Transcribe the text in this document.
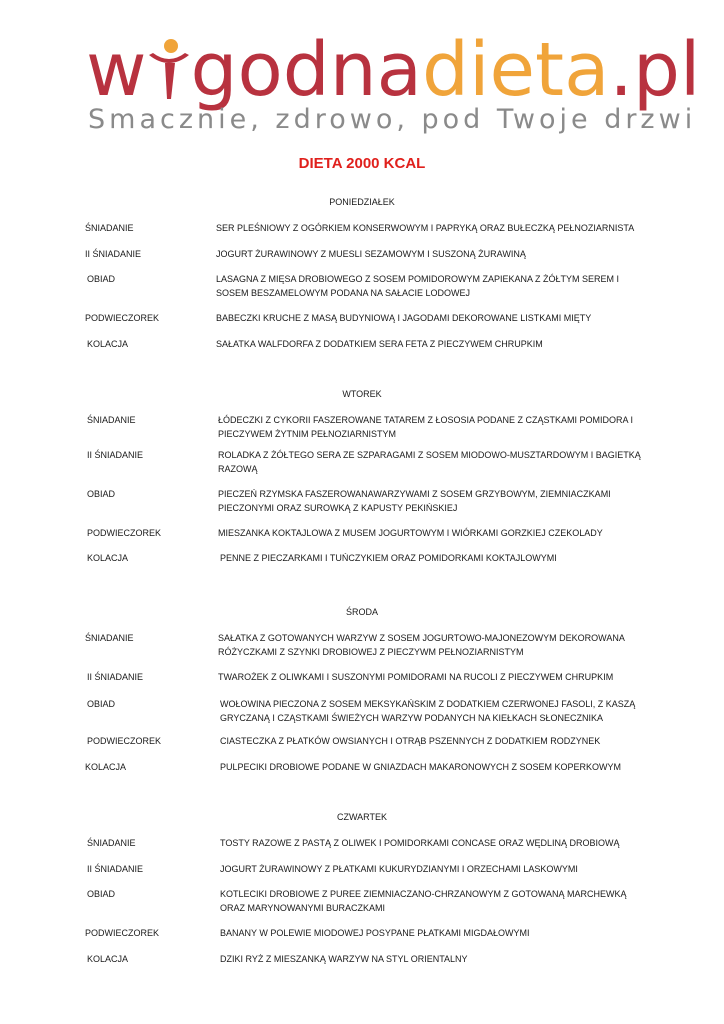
w godnadieta.pl
Smacznie, zdrowo, pod Twoje drzwi
DIETA 2000 KCAL
PONIEDZIAŁEK
ŚNIADANIE	SER PLEŚNIOWY Z OGÓRKIEM KONSERWOWYM I PAPRYKĄ ORAZ BUŁECZKĄ PEŁNOZIARNISTA
II ŚNIADANIE	JOGURT ŻURAWINOWY Z MUESLI SEZAMOWYM I SUSZONĄ ŻURAWINĄ
OBIAD	LASAGNA Z MIĘSA DROBIOWEGO Z SOSEM POMIDOROWYM ZAPIEKANA Z ŻÓŁTYM SEREM I SOSEM BESZAMELOWYM PODANA NA SAŁACIE LODOWEJ
PODWIECZOREK	BABECZKI KRUCHE Z MASĄ BUDYNIOWĄ I JAGODAMI DEKOROWANE LISTKAMI MIĘTY
KOLACJA	SAŁATKA WALFDORFA Z DODATKIEM SERA FETA Z PIECZYWEM CHRUPKIM
WTOREK
ŚNIADANIE	ŁÓDECZKI Z CYKORII FASZEROWANE TATAREM Z ŁOSOSIA PODANE Z CZĄSTKAMI POMIDORA I PIECZYWEM ŻYTNIM PEŁNOZIARNISTYM
II ŚNIADANIE	ROLADKA Z ŻÓŁTEGO SERA ZE SZPARAGAMI Z SOSEM MIODOWO-MUSZTARDOWYM I BAGIETKĄ RAZOWĄ
OBIAD	PIECZEŃ RZYMSKA FASZEROWANAWARZYWAMI Z SOSEM GRZYBOWYM, ZIEMNIACZKAMI PIECZONYMI ORAZ SUROWKĄ Z KAPUSTY PEKIŃSKIEJ
PODWIECZOREK	MIESZANKA KOKTAJLOWA Z MUSEM JOGURTOWYM I WIÓRKAMI GORZKIEJ CZEKOLADY
KOLACJA	PENNE Z PIECZARKAMI I TUŃCZYKIEM ORAZ POMIDORKAMI KOKTAJLOWYMI
ŚRODA
ŚNIADANIE	SAŁATKA Z GOTOWANYCH WARZYW Z SOSEM JOGURTOWO-MAJONEZOWYM DEKOROWANA RÓŻYCZKAMI Z SZYNKI DROBIOWEJ Z PIECZYWM PEŁNOZIARNISTYM
II ŚNIADANIE	TWAROŻEK Z OLIWKAMI I SUSZONYMI POMIDORAMI NA RUCOLI Z PIECZYWEM CHRUPKIM
OBIAD	WOŁOWINA PIECZONA Z SOSEM MEKSYKAŃSKIM Z DODATKIEM CZERWONEJ FASOLI, Z KASZĄ GRYCZANĄ I CZĄSTKAMI ŚWIEŻYCH WARZYW PODANYCH NA KIEŁKACH SŁONECZNIKA
PODWIECZOREK	CIASTECZKA Z PŁATKÓW OWSIANYCH I OTRĄB PSZENNYCH Z DODATKIEM RODZYNEK
KOLACJA	PULPECIKI DROBIOWE PODANE W GNIAZDACH MAKARONOWYCH Z SOSEM KOPERKOWYM
CZWARTEK
ŚNIADANIE	TOSTY RAZOWE Z PASTĄ Z OLIWEK I POMIDORKAMI CONCASE ORAZ WĘDLINĄ DROBIOWĄ
II ŚNIADANIE	JOGURT ŻURAWINOWY Z PŁATKAMI KUKURYDZIANYMI I ORZECHAMI LASKOWYMI
OBIAD	KOTLECIKI DROBIOWE Z PUREE ZIEMNIACZANO-CHRZANOWYM Z GOTOWANĄ MARCHEWKĄ ORAZ MARYNOWANYMI BURACZKAMI
PODWIECZOREK	BANANY W POLEWIE MIODOWEJ POSYPANE PŁATKAMI MIGDAŁOWYMI
KOLACJA	DZIKI RYŻ Z MIESZANKĄ WARZYW NA STYL ORIENTALNY
